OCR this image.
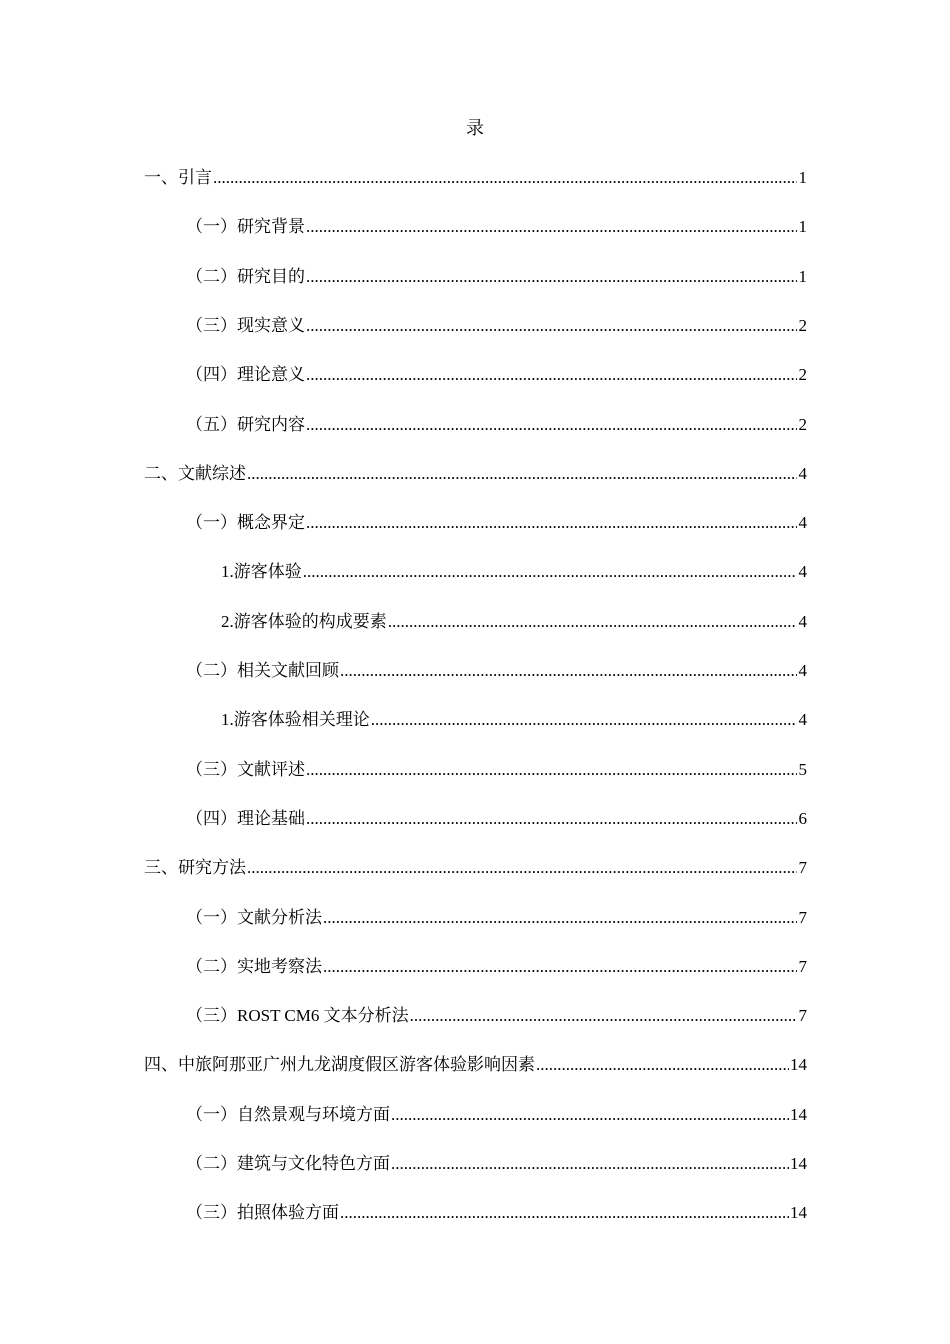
录
一、引言 .....	1
（一）研究背景 .....	1
（二）研究目的 .....	1
（三）现实意义 .....	2
（四）理论意义 .....	2
（五）研究内容 .....	2
二、文献综述 .....	4
（一）概念界定 .....	4
1.游客体验 .....	4
2.游客体验的构成要素 .....	4
（二）相关文献回顾 .....	4
1.游客体验相关理论 .....	4
（三）文献评述 .....	5
（四）理论基础 .....	6
三、研究方法 .....	7
（一）文献分析法 .....	7
（二）实地考察法 .....	7
（三）ROST CM6 文本分析法 .....	7
四、中旅阿那亚广州九龙湖度假区游客体验影响因素 .....	14
（一）自然景观与环境方面 .....	14
（二）建筑与文化特色方面 .....	14
（三）拍照体验方面 .....	14
